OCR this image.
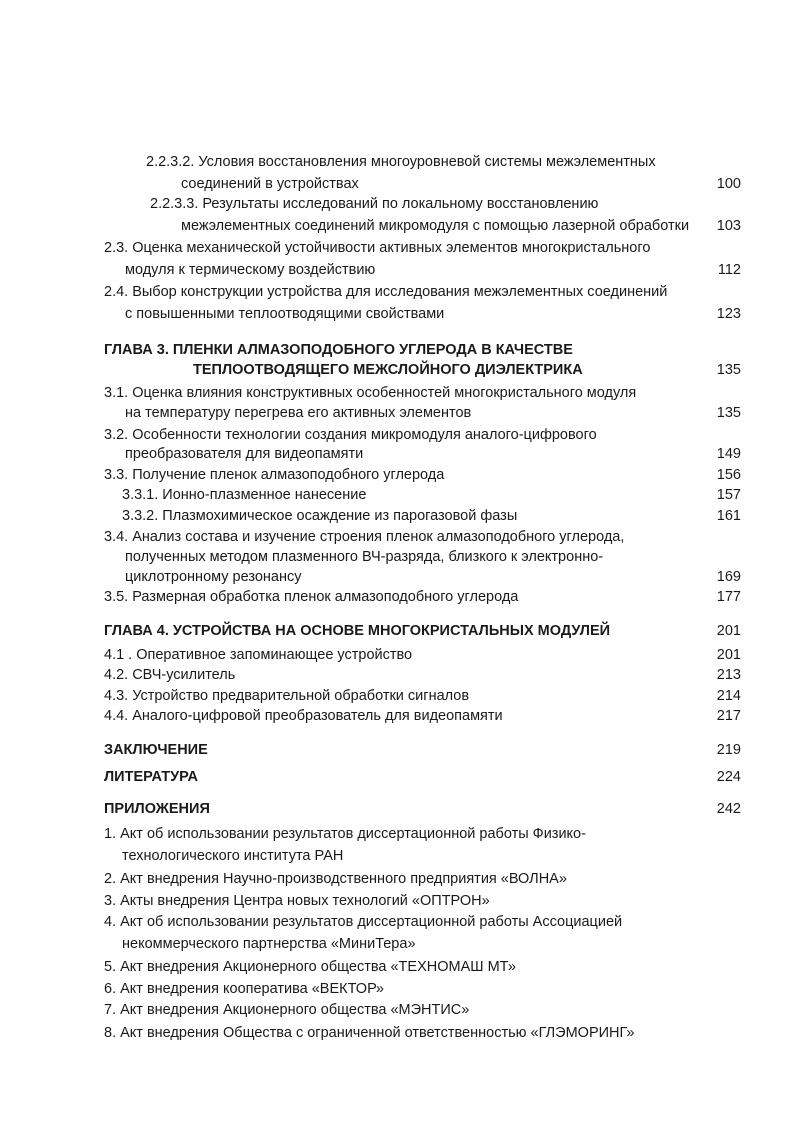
2.2.3.2. Условия восстановления многоуровневой системы межэлементных
соединений в устройствах	100
2.2.3.3. Результаты исследований по локальному восстановлению
межэлементных соединений микромодуля с помощью лазерной обработки 103
2.3. Оценка механической устойчивости активных элементов многокристального
модуля к термическому воздействию	112
2.4. Выбор конструкции устройства для исследования межэлементных соединений
с повышенными теплоотводящими свойствами	123
ГЛАВА 3. ПЛЕНКИ АЛМАЗОПОДОБНОГО УГЛЕРОДА В КАЧЕСТВЕ
ТЕПЛООТВОДЯЩЕГО МЕЖСЛОЙНОГО ДИЭЛЕКТРИКА	135
3.1. Оценка влияния конструктивных особенностей многокристального модуля
на температуру перегрева его активных элементов	135
3.2. Особенности технологии создания микромодуля аналого-цифрового
преобразователя для видеопамяти	149
3.3. Получение пленок алмазоподобного углерода	156
3.3.1. Ионно-плазменное нанесение	157
3.3.2. Плазмохимическое осаждение из парогазовой фазы	161
3.4. Анализ состава и изучение строения пленок алмазоподобного углерода,
полученных методом плазменного ВЧ-разряда, близкого к электронно-
циклотронному резонансу	169
3.5. Размерная обработка пленок алмазоподобного углерода	177
ГЛАВА 4. УСТРОЙСТВА НА ОСНОВЕ МНОГОКРИСТАЛЬНЫХ МОДУЛЕЙ	201
4.1 . Оперативное запоминающее устройство	201
4.2. СВЧ-усилитель	213
4.3. Устройство предварительной обработки сигналов	214
4.4. Аналого-цифровой преобразователь для видеопамяти	217
ЗАКЛЮЧЕНИЕ	219
ЛИТЕРАТУРА	224
ПРИЛОЖЕНИЯ	242
1. Акт об использовании результатов диссертационной работы Физико-
технологического института РАН
2. Акт внедрения Научно-производственного предприятия «ВОЛНА»
3. Акты внедрения Центра новых технологий «ОПТРОН»
4. Акт об использовании результатов диссертационной работы Ассоциацией
некоммерческого партнерства «МиниТера»
5. Акт внедрения Акционерного общества «ТЕХНОМАШ МТ»
6. Акт внедрения кооператива «ВЕКТОР»
7. Акт внедрения Акционерного общества «МЭНТИС»
8. Акт внедрения Общества с ограниченной ответственностью «ГЛЭМОРИНГ»
